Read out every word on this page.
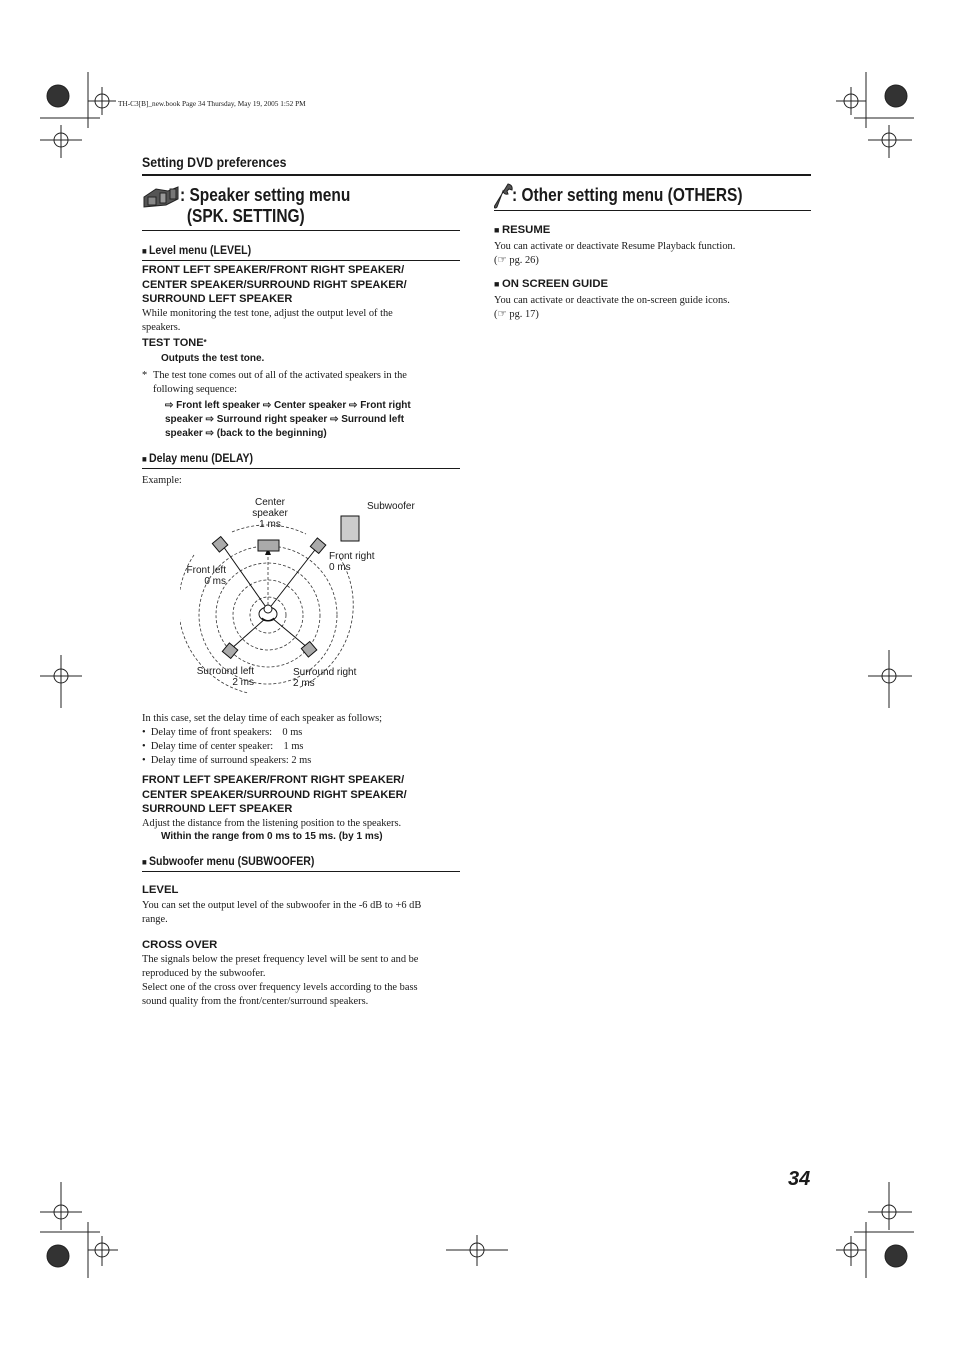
TH-C3[B]_new.book Page 34 Thursday, May 19, 2005 1:52 PM
Setting DVD preferences
: Speaker setting menu
(SPK. SETTING)
■ Level menu (LEVEL)
FRONT LEFT SPEAKER/FRONT RIGHT SPEAKER/
CENTER SPEAKER/SURROUND RIGHT SPEAKER/
SURROUND LEFT SPEAKER
While monitoring the test tone, adjust the output level of the
speakers.
TEST TONE*
Outputs the test tone.
* The test tone comes out of all of the activated speakers in the
following sequence:
⇨ Front left speaker ⇨ Center speaker ⇨ Front right
speaker ⇨ Surround right speaker ⇨ Surround left
speaker ⇨ (back to the beginning)
■ Delay menu (DELAY)
Example:
Center
speaker
1 ms
Subwoofer
Front right
0 ms
Front left
0 ms
Surround left
2 ms
Surround right
2 ms
In this case, set the delay time of each speaker as follows;
•  Delay time of front speakers:    0 ms
•  Delay time of center speaker:    1 ms
•  Delay time of surround speakers: 2 ms
FRONT LEFT SPEAKER/FRONT RIGHT SPEAKER/
CENTER SPEAKER/SURROUND RIGHT SPEAKER/
SURROUND LEFT SPEAKER
Adjust the distance from the listening position to the speakers.
Within the range from 0 ms to 15 ms. (by 1 ms)
■ Subwoofer menu (SUBWOOFER)
LEVEL
You can set the output level of the subwoofer in the -6 dB to +6 dB
range.
CROSS OVER
The signals below the preset frequency level will be sent to and be
reproduced by the subwoofer.
Select one of the cross over frequency levels according to the bass
sound quality from the front/center/surround speakers.
: Other setting menu (OTHERS)
■ RESUME
You can activate or deactivate Resume Playback function.
(☞ pg. 26)
■ ON SCREEN GUIDE
You can activate or deactivate the on-screen guide icons.
(☞ pg. 17)
34
